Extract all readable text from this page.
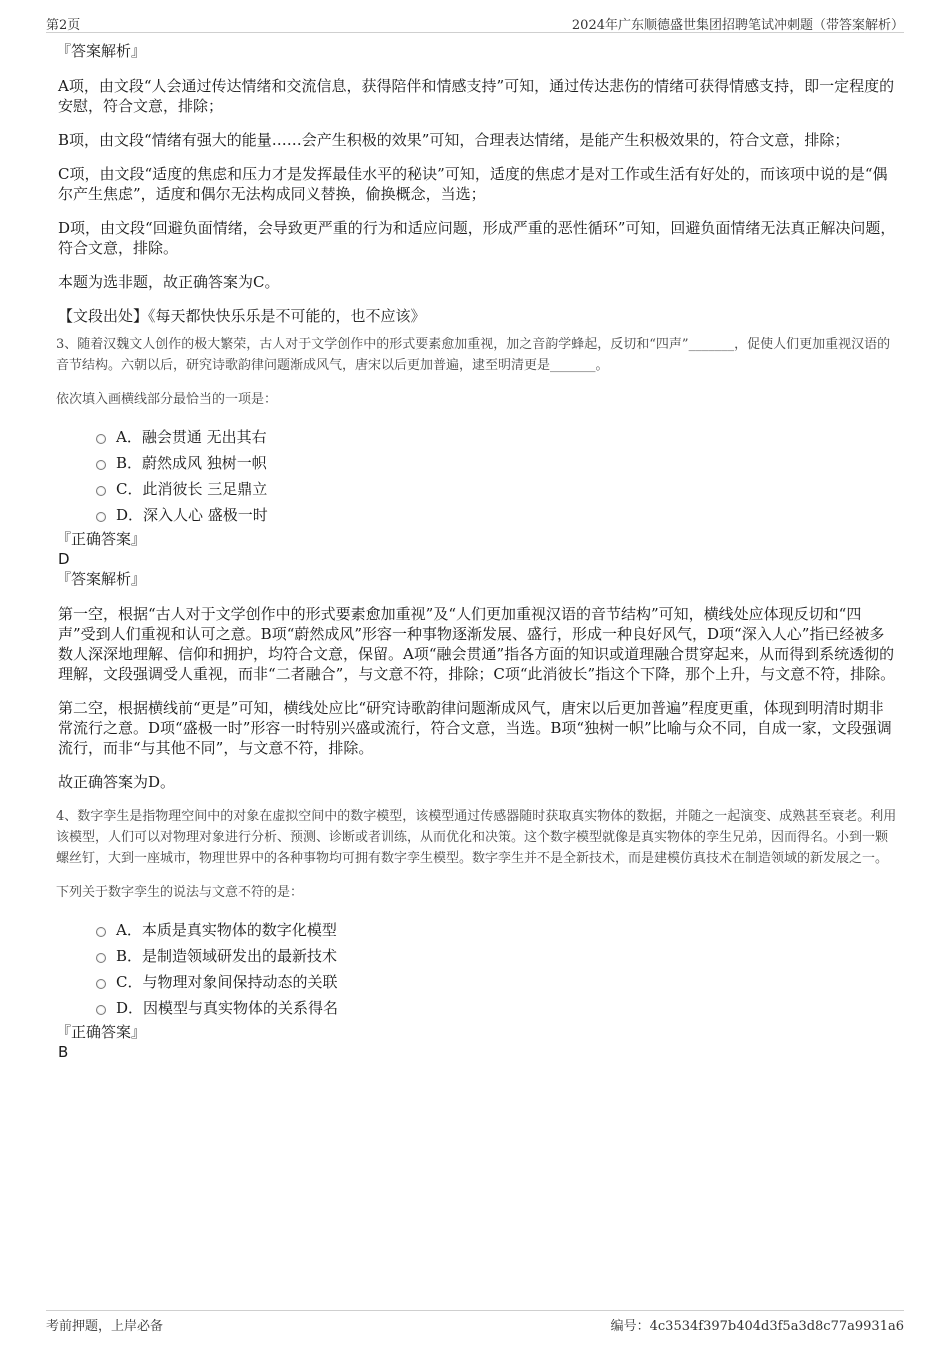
第2页	2024年广东顺德盛世集团招聘笔试冲刺题（带答案解析）

『答案解析』

A项，由文段“人会通过传达情绪和交流信息，获得陪伴和情感支持”可知，通过传达悲伤的情绪可获得情感支持，即一定程度的安慰，符合文意，排除；

B项，由文段“情绪有强大的能量……会产生积极的效果”可知，合理表达情绪，是能产生积极效果的，符合文意，排除；

C项，由文段“适度的焦虑和压力才是发挥最佳水平的秘诀”可知，适度的焦虑才是对工作或生活有好处的，而该项中说的是“偶尔产生焦虑”，适度和偶尔无法构成同义替换，偷换概念，当选；

D项，由文段“回避负面情绪，会导致更严重的行为和适应问题，形成严重的恶性循环”可知，回避负面情绪无法真正解决问题，符合文意，排除。

本题为选非题，故正确答案为C。

【文段出处】《每天都快快乐乐是不可能的，也不应该》

3、随着汉魏文人创作的极大繁荣，古人对于文学创作中的形式要素愈加重视，加之音韵学蜂起，反切和“四声”_______，促使人们更加重视汉语的音节结构。六朝以后，研究诗歌韵律问题渐成风气，唐宋以后更加普遍，逮至明清更是_______。

依次填入画横线部分最恰当的一项是：

A．融会贯通 无出其右
B．蔚然成风 独树一帜
C．此消彼长 三足鼎立
D．深入人心 盛极一时

『正确答案』

D

『答案解析』

第一空，根据“古人对于文学创作中的形式要素愈加重视”及“人们更加重视汉语的音节结构”可知，横线处应体现反切和“四声”受到人们重视和认可之意。B项“蔚然成风”形容一种事物逐渐发展、盛行，形成一种良好风气，D项“深入人心”指已经被多数人深深地理解、信仰和拥护，均符合文意，保留。A项“融会贯通”指各方面的知识或道理融合贯穿起来，从而得到系统透彻的理解，文段强调受人重视，而非“二者融合”，与文意不符，排除；C项“此消彼长”指这个下降，那个上升，与文意不符，排除。

第二空，根据横线前“更是”可知，横线处应比“研究诗歌韵律问题渐成风气，唐宋以后更加普遍”程度更重，体现到明清时期非常流行之意。D项“盛极一时”形容一时特别兴盛或流行，符合文意，当选。B项“独树一帜”比喻与众不同，自成一家，文段强调流行，而非“与其他不同”，与文意不符，排除。

故正确答案为D。

4、数字孪生是指物理空间中的对象在虚拟空间中的数字模型，该模型通过传感器随时获取真实物体的数据，并随之一起演变、成熟甚至衰老。利用该模型，人们可以对物理对象进行分析、预测、诊断或者训练，从而优化和决策。这个数字模型就像是真实物体的孪生兄弟，因而得名。小到一颗螺丝钉，大到一座城市，物理世界中的各种事物均可拥有数字孪生模型。数字孪生并不是全新技术，而是建模仿真技术在制造领域的新发展之一。

下列关于数字孪生的说法与文意不符的是：

A．本质是真实物体的数字化模型
B．是制造领域研发出的最新技术
C．与物理对象间保持动态的关联
D．因模型与真实物体的关系得名

『正确答案』

B

考前押题，上岸必备	编号：4c3534f397b404d3f5a3d8c77a9931a6
